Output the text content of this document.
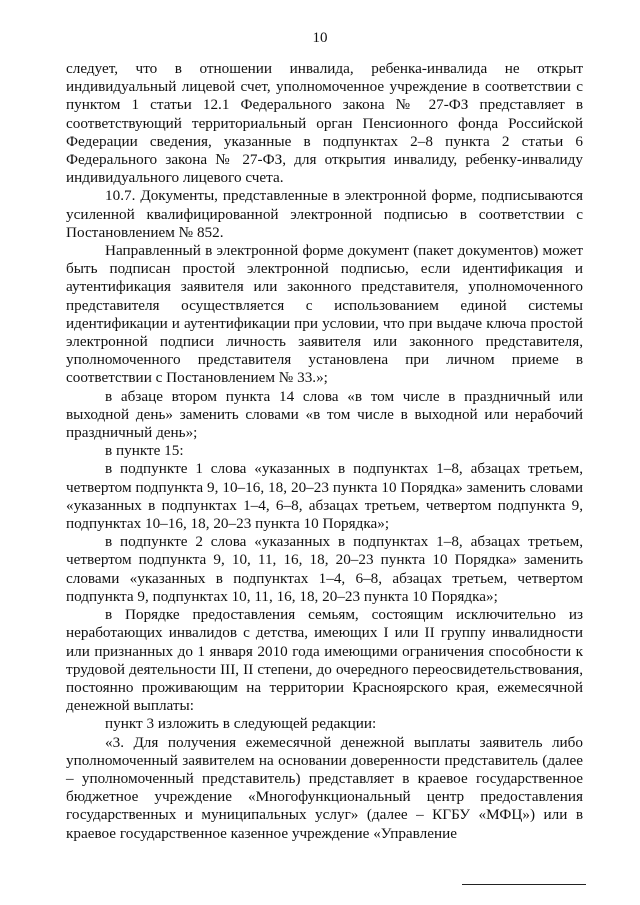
10

следует, что в отношении инвалида, ребенка-инвалида не открыт индивидуальный лицевой счет, уполномоченное учреждение в соответствии с пунктом 1 статьи 12.1 Федерального закона № 27-ФЗ представляет в соответствующий территориальный орган Пенсионного фонда Российской Федерации сведения, указанные в подпунктах 2–8 пункта 2 статьи 6 Федерального закона № 27-ФЗ, для открытия инвалиду, ребенку-инвалиду индивидуального лицевого счета.

10.7. Документы, представленные в электронной форме, подписываются усиленной квалифицированной электронной подписью в соответствии с Постановлением № 852.

Направленный в электронной форме документ (пакет документов) может быть подписан простой электронной подписью, если идентификация и аутентификация заявителя или законного представителя, уполномоченного представителя осуществляется с использованием единой системы идентификации и аутентификации при условии, что при выдаче ключа простой электронной подписи личность заявителя или законного представителя, уполномоченного представителя установлена при личном приеме в соответствии с Постановлением № 33.»;

в абзаце втором пункта 14 слова «в том числе в праздничный или выходной день» заменить словами «в том числе в выходной или нерабочий праздничный день»;

в пункте 15:

в подпункте 1 слова «указанных в подпунктах 1–8, абзацах третьем, четвертом подпункта 9, 10–16, 18, 20–23 пункта 10 Порядка» заменить словами «указанных в подпунктах 1–4, 6–8, абзацах третьем, четвертом подпункта 9, подпунктах 10–16, 18, 20–23 пункта 10 Порядка»;

в подпункте 2 слова «указанных в подпунктах 1–8, абзацах третьем, четвертом подпункта 9, 10, 11, 16, 18, 20–23 пункта 10 Порядка» заменить словами «указанных в подпунктах 1–4, 6–8, абзацах третьем, четвертом подпункта 9, подпунктах 10, 11, 16, 18, 20–23 пункта 10 Порядка»;

в Порядке предоставления семьям, состоящим исключительно из неработающих инвалидов с детства, имеющих I или II группу инвалидности или признанных до 1 января 2010 года имеющими ограничения способности к трудовой деятельности III, II степени, до очередного переосвидетельствования, постоянно проживающим на территории Красноярского края, ежемесячной денежной выплаты:

пункт 3 изложить в следующей редакции:

«3. Для получения ежемесячной денежной выплаты заявитель либо уполномоченный заявителем на основании доверенности представитель (далее – уполномоченный представитель) представляет в краевое государственное бюджетное учреждение «Многофункциональный центр предоставления государственных и муниципальных услуг» (далее – КГБУ «МФЦ») или в краевое государственное казенное учреждение «Управление
